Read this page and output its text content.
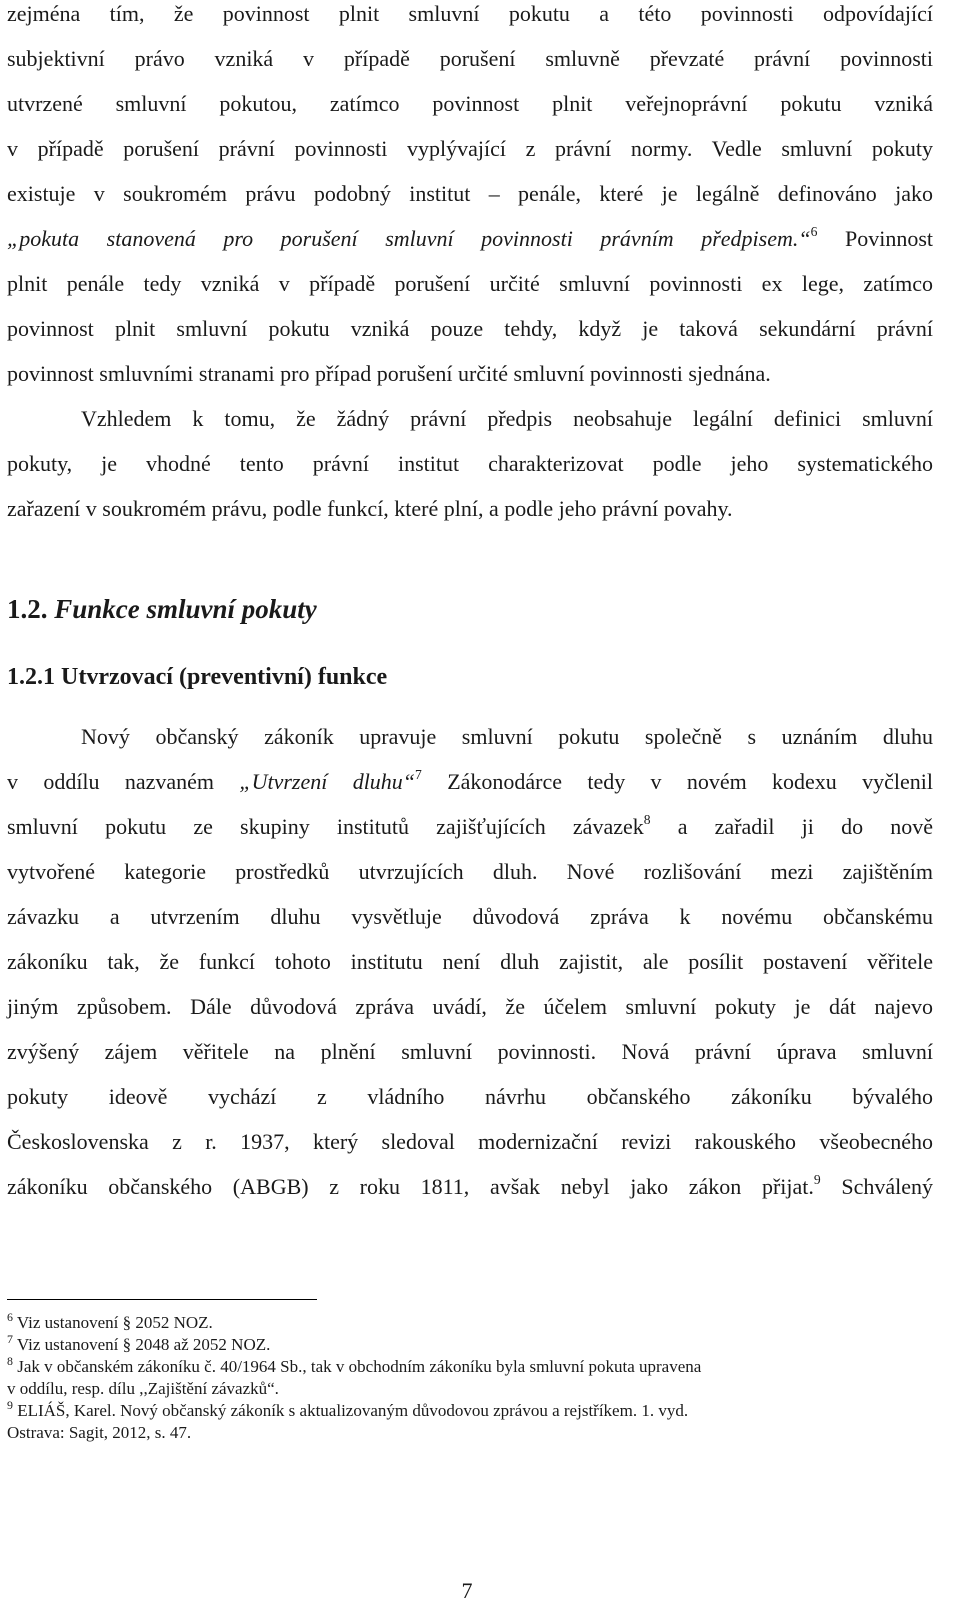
zejména tím, že povinnost plnit smluvní pokutu a této povinnosti odpovídající
subjektivní právo vzniká v případě porušení smluvně převzaté právní povinnosti
utvrzené smluvní pokutou, zatímco povinnost plnit veřejnoprávní pokutu vzniká
v případě porušení právní povinnosti vyplývající z právní normy. Vedle smluvní pokuty
existuje v soukromém právu podobný institut – penále, které je legálně definováno jako
„pokuta stanovená pro porušení smluvní povinnosti právním předpisem.“$^6$ Povinnost
plnit penále tedy vzniká v případě porušení určité smluvní povinnosti ex lege, zatímco
povinnost plnit smluvní pokutu vzniká pouze tehdy, když je taková sekundární právní
povinnost smluvními stranami pro případ porušení určité smluvní povinnosti sjednána.
Vzhledem k tomu, že žádný právní předpis neobsahuje legální definici smluvní
pokuty, je vhodné tento právní institut charakterizovat podle jeho systematického
zařazení v soukromém právu, podle funkcí, které plní, a podle jeho právní povahy.
1.2. Funkce smluvní pokuty
1.2.1 Utvrzovací (preventivní) funkce
Nový občanský zákoník upravuje smluvní pokutu společně s uznáním dluhu
v oddílu nazvaném „Utvrzení dluhu“$^7$ Zákonodárce tedy v novém kodexu vyčlenil
smluvní pokutu ze skupiny institutů zajišťujících závazek$^8$ a zařadil ji do nově
vytvořené kategorie prostředků utvrzujících dluh. Nové rozlišování mezi zajištěním
závazku a utvrzením dluhu vysvětluje důvodová zpráva k novému občanskému
zákoníku tak, že funkcí tohoto institutu není dluh zajistit, ale posílit postavení věřitele
jiným způsobem. Dále důvodová zpráva uvádí, že účelem smluvní pokuty je dát najevo
zvýšený zájem věřitele na plnění smluvní povinnosti. Nová právní úprava smluvní
pokuty ideově vychází z vládního návrhu občanského zákoníku bývalého
Československa z r. 1937, který sledoval modernizační revizi rakouského všeobecného
zákoníku občanského (ABGB) z roku 1811, avšak nebyl jako zákon přijat.$^9$ Schválený
$^6$ Viz ustanovení § 2052 NOZ.
$^7$ Viz ustanovení § 2048 až 2052 NOZ.
$^8$ Jak v občanském zákoníku č. 40/1964 Sb., tak v obchodním zákoníku byla smluvní pokuta upravena
v oddílu, resp. dílu ,,Zajištění závazků“.
$^9$ ELIÁŠ, Karel. Nový občanský zákoník s aktualizovaným důvodovou zprávou a rejstříkem. 1. vyd.
Ostrava: Sagit, 2012, s. 47.
7
